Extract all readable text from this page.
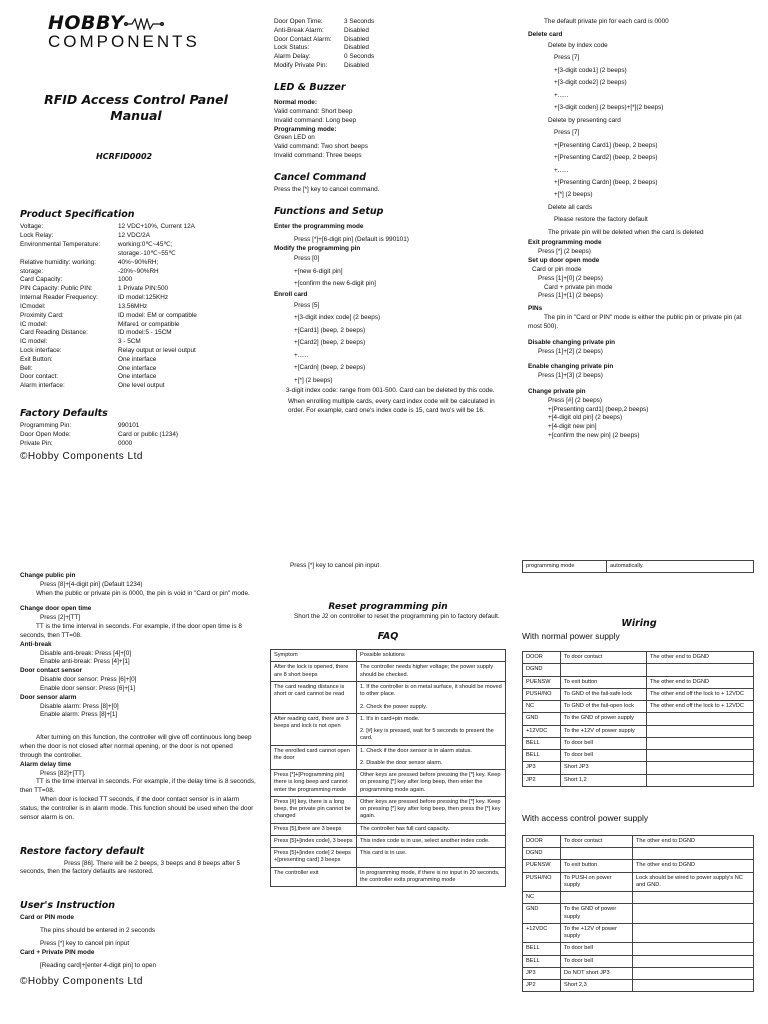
HOBBY
COMPONENTS
RFID Access Control Panel
Manual
HCRFID0002
Product Specification
Voltage:	12 VDC+10%, Current 12A
Lock Relay:	12 VDC/2A
Environmental Temperature:	working:0℃~45℃;
storage:-10℃~55℃
Relative humidity: working:	40%~90%RH;
storage:	-20%~90%RH
Card Capacity:	1000
PIN Capacity: Public PIN:	1 Private PIN:500
Internal Reader Frequency:	ID model:125KHz
ICmodel:	13.56MHz
Proximity Card:	ID model: EM or compatible
IC model:	Mifare1 or compatible
Card Reading Distance:	ID model:5 - 15CM
IC model:	3 - 5CM
Lock interface:	Relay output or level output
Exit Button:	One interface
Bell:	One interface
Door contact:	One interface
Alarm interface:	One level output
Factory Defaults
Programming Pin:	990101
Door Open Mode:	Card or public (1234)
Private Pin:	0000
©Hobby Components Ltd
Door Open Time:	3 Seconds
Anti-Break Alarm:	Disabled
Door Contact Alarm:	Disabled
Lock Status:	Disabled
Alarm Delay:	0 Seconds
Modify Private Pin:	Disabled
LED & Buzzer

Normal mode:

Valid command: Short beep

Invalid command: Long beep

Programming mode:

Green LED on

Valid command: Two short beeps

Invalid command: Three beeps

Cancel Command

Press the [*] key to cancel command.

Functions and Setup

Enter the programming mode

Press [*]+[6-digit pin] (Default is 990101)

Modify the programming pin

Press [0]

+[new 6-digit pin]

+[confirm the new 6-digit pin]

Enroll card

Press [5]

+[3-digit index code] (2 beeps)

+[Card1] (beep, 2 beeps)

+[Card2] (beep, 2 beeps)

+......

+[Cardn] (beep, 2 beeps)

+[*] (2 beeps)

3-digit index code: range from 001-500. Card can be deleted by this code.

When enrolling multiple cards, every card index code will be calculated in order. For example, card one's index code is 15, card two's will be 16.

The default private pin for each card is 0000

Delete card

Delete by index code

Press [7]

+[3-digit code1] (2 beeps)

+[3-digit code2] (2 beeps)

+......

+[3-digit coden] (2 beeps)+[*](2 beeps)

Delete by presenting card

Press [7]

+[Presenting Card1] (beep, 2 beeps)

+[Presenting Card2] (beep, 2 beeps)

+......

+[Presenting Cardn] (beep, 2 beeps)

+[*] (2 beeps)

Delete all cards

Please restore the factory default

The private pin will be deleted when the card is deleted

Exit programming mode

Press [*] (2 beeps)

Set up door open mode

Card or pin mode

Press [1]+[0] (2 beeps)

Card + private pin mode

Press [1]+[1] (2 beeps)

PINs

The pin in "Card or PIN" mode is either the public pin or private pin (at most 500).

Disable changing private pin

Press [1]+[2] (2 beeps)

Enable changing private pin

Press [1]+[3] (2 beeps)

Change private pin

Press [#] (2 beeps)

+[Presenting card1] (beep,2 beeps)

+[4-digit old pin] (2 beeps)

+[4-digit new pin]

+[confirm the new pin] (2 beeps)

Change public pin

Press [8]+[4-digit pin] (Default 1234)

When the public or private pin is 0000, the pin is void in "Card or pin" mode.

Change door open time

Press [2]+[TT]

TT is the time interval in seconds. For example, if the door open time is 8 seconds, then TT=08.

Anti-break

Disable anti-break: Press [4]+[0]

Enable anti-break: Press [4]+[1]

Door contact sensor

Disable door sensor: Press [6]+[0]

Enable door sensor: Press [6]+[1]

Door sensor alarm

Disable alarm: Press [8]+[0]

Enable alarm: Press [8]+[1]

After turning on this function, the controller will give off continuous long beep when the door is not closed after normal opening, or the door is not opened through the controller.

Alarm delay time

Press [82]+[TT].

TT is the time interval in seconds. For example, if the delay time is 8 seconds, then TT=08.

When door is locked TT seconds, if the door contact sensor is in alarm status, the controller is in alarm mode. This function should be used when the door sensor alarm is on.

Restore factory default

Press [86]. There will be 2 beeps, 3 beeps and 8 beeps after 5 seconds, then the factory defaults are restored.

User's Instruction

Card or PIN mode

The pins should be entered in 2 seconds

Press [*] key to cancel pin input

Card + Private PIN mode

[Reading card]+[enter 4-digit pin] to open

©Hobby Components Ltd

Press [*] key to cancel pin input

Reset programming pin

Short the J2 on controller to reset the programming pin to factory default.

FAQ
Symptom	Possible solutions
After the lock is opened, there are 8 short beeps	The controller needs higher voltage; the power supply should be checked.

The card reading distance is short or card cannot be read	1. If the controller is on metal surface, it should be moved to other place.

2. Check the power supply.

After reading card, there are 3 beeps and lock is not open	1. It's in card+pin mode.

2. [#] key is pressed, wait for 5 seconds to present the card.

The enrolled card cannot open the door	1. Check if the door sensor is in alarm status.

2. Disable the door sensor alarm.

Press [*]+[Programming pin] there is long beep and cannot enter the programming mode	Other keys are pressed before pressing the [*] key. Keep on pressing [*] key after long beep, then enter the programming mode again.

Press [#] key, there is a long beep, the private pin cannot be changed	Other keys are pressed before pressing the [*] key. Keep on pressing [*] key after long beep, then press the [*] key again.

Press [5],there are 3 beeps	The controller has full card capacity.

Press [5]+[index code], 3 beeps	This index code is in use, select another index code.

Press [5]+[index code] 2 beeps +[presenting card] 3 beeps	This card is in use.

The controller exit	In programming mode, if there is no input in 20 seconds, the controller exits programming mode

programming mode	automatically.
Wiring
With normal power supply
DOOR	To door contact	The other end to DGND
DGND		
PUENSW	To exit button	The other end to DGND
PUSH/NO	To GND of the fail-safe lock	The other end off the lock to + 12VDC
NC	To GND of the fail-open lock	The other end off the lock to + 12VDC
GND	To the GND of power supply	
+12VDC	To the +12V of power supply	
BELL	To door bell	
BELL	To door bell	
JP3	Short JP3	
JP2	Short 1,2	
With access control power supply
DOOR	To door contact	The other end to DGND
DGND		
PUENSW	To exit button	The other end to DGND
PUSH/NO	To PUSH on power supply	Lock should be wired to power supply's NC and GND.
NC		
GND	To the GND of power supply	
+12VDC	To the +12V of power supply	
BELL	To door bell	
BELL	To door bell	
JP3	Do NOT short JP3	
JP2	Short 2,3	
